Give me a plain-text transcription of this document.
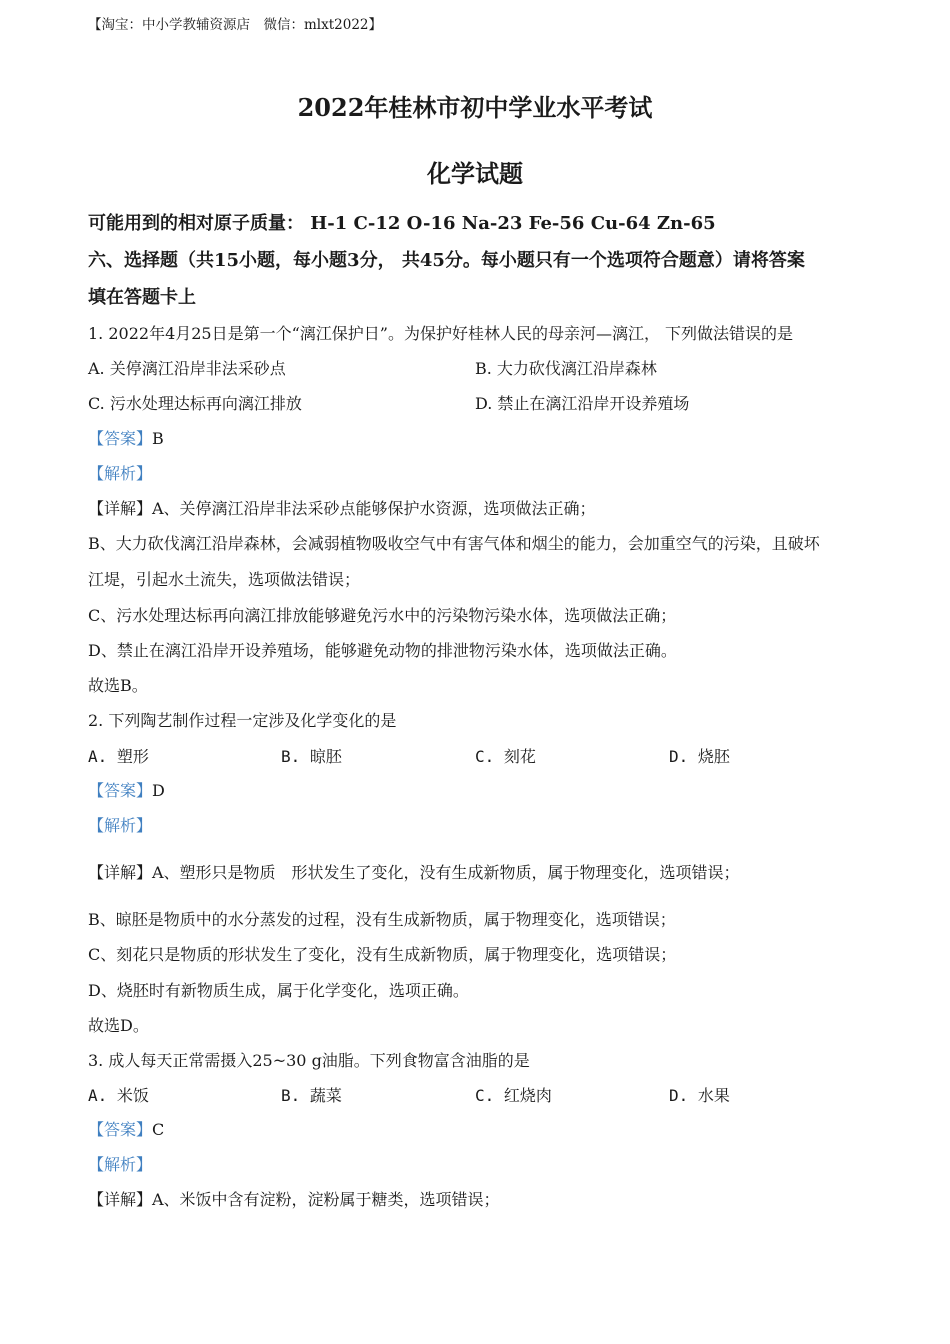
【淘宝：中小学教辅资源店　微信：mlxt2022】
2022年桂林市初中学业水平考试
化学试题
可能用到的相对原子质量： H-1 C-12 O-16 Na-23 Fe-56 Cu-64 Zn-65
六、选择题（共15小题，每小题3分， 共45分。每小题只有一个选项符合题意）请将答案
填在答题卡上
1. 2022年4月25日是第一个“漓江保护日”。为保护好桂林人民的母亲河—漓江， 下列做法错误的是
A. 关停漓江沿岸非法采砂点	B. 大力砍伐漓江沿岸森林
C. 污水处理达标再向漓江排放	D. 禁止在漓江沿岸开设养殖场
【答案】B
【解析】
【详解】A、关停漓江沿岸非法采砂点能够保护水资源，选项做法正确；
B、大力砍伐漓江沿岸森林，会减弱植物吸收空气中有害气体和烟尘的能力，会加重空气的污染，且破坏
江堤，引起水土流失，选项做法错误；
C、污水处理达标再向漓江排放能够避免污水中的污染物污染水体，选项做法正确；
D、禁止在漓江沿岸开设养殖场，能够避免动物的排泄物污染水体，选项做法正确。
故选B。
2. 下列陶艺制作过程一定涉及化学变化的是
A. 塑形	B. 晾胚	C. 刻花	D. 烧胚
【答案】D
【解析】
【详解】A、塑形只是物质　形状发生了变化，没有生成新物质，属于物理变化，选项错误；
B、晾胚是物质中的水分蒸发的过程，没有生成新物质，属于物理变化，选项错误；
C、刻花只是物质的形状发生了变化，没有生成新物质，属于物理变化，选项错误；
D、烧胚时有新物质生成，属于化学变化，选项正确。
故选D。
3. 成人每天正常需摄入25~30 g油脂。下列食物富含油脂的是
A. 米饭	B. 蔬菜	C. 红烧肉	D. 水果
【答案】C
【解析】
【详解】A、米饭中含有淀粉，淀粉属于糖类，选项错误；
